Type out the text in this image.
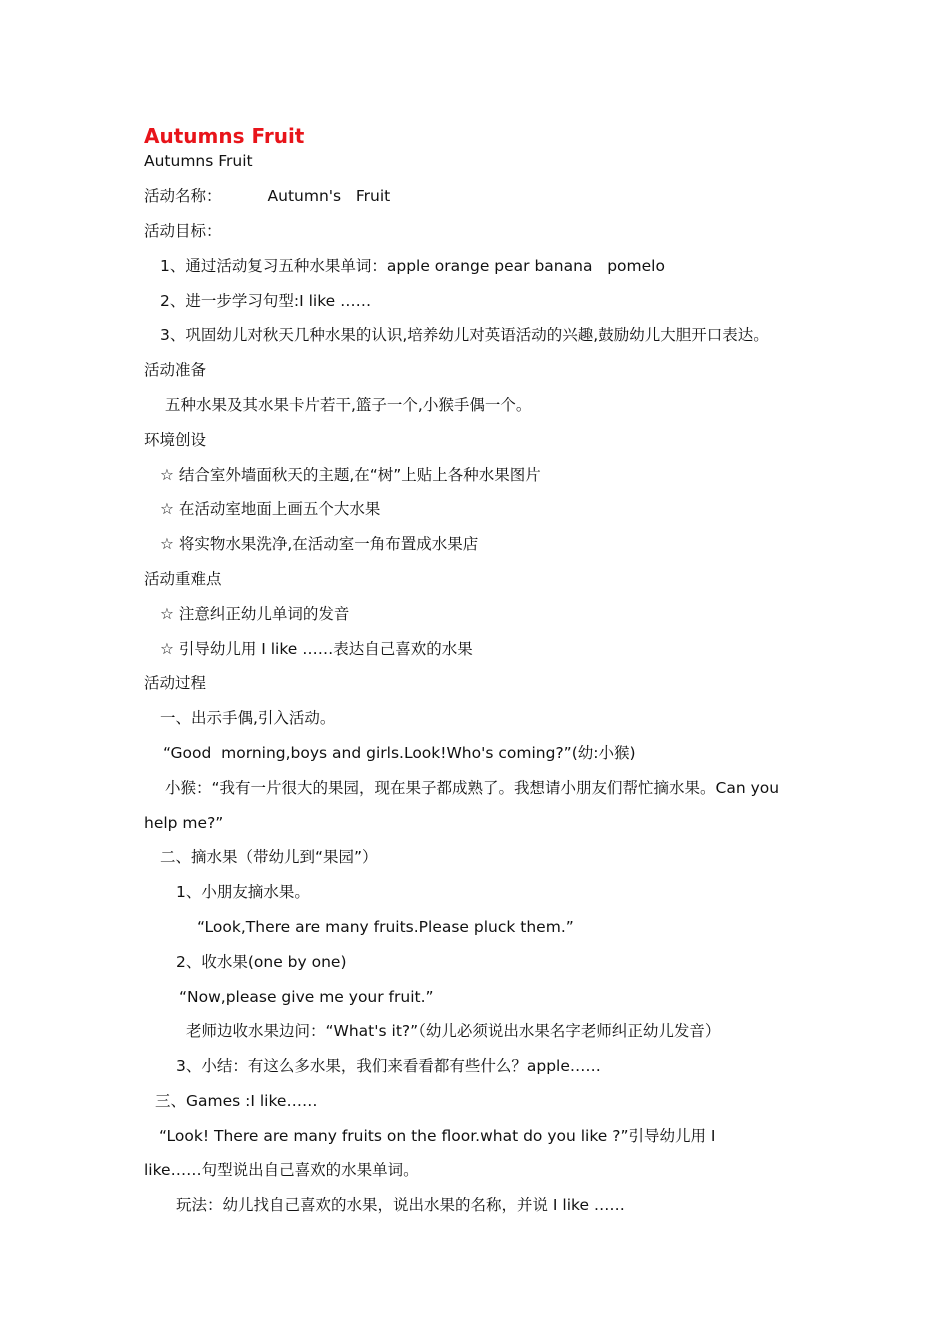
Autumns Fruit
Autumns Fruit
活动名称：	Autumn's   Fruit
活动目标：
1、通过活动复习五种水果单词：apple orange pear banana   pomelo
2、进一步学习句型:I like ……
3、巩固幼儿对秋天几种水果的认识,培养幼儿对英语活动的兴趣,鼓励幼儿大胆开口表达。
活动准备
五种水果及其水果卡片若干,篮子一个,小猴手偶一个。
环境创设
☆ 结合室外墙面秋天的主题,在“树”上贴上各种水果图片
☆ 在活动室地面上画五个大水果
☆ 将实物水果洗净,在活动室一角布置成水果店
活动重难点
☆ 注意纠正幼儿单词的发音
☆ 引导幼儿用 I like ……表达自己喜欢的水果
活动过程
一、出示手偶,引入活动。
“Good  morning,boys and girls.Look!Who's coming?”(幼:小猴)
小猴：“我有一片很大的果园，现在果子都成熟了。我想请小朋友们帮忙摘水果。Can you
help me?”
二、摘水果（带幼儿到“果园”）
1、小朋友摘水果。
“Look,There are many fruits.Please pluck them.”
2、收水果(one by one)
“Now,please give me your fruit.”
老师边收水果边问：“What's it?”（幼儿必须说出水果名字老师纠正幼儿发音）
3、小结：有这么多水果，我们来看看都有些什么？apple……
三、Games :I like……
“Look! There are many fruits on the floor.what do you like ?”引导幼儿用 I
like……句型说出自己喜欢的水果单词。
玩法：幼儿找自己喜欢的水果，说出水果的名称，并说 I like ……
